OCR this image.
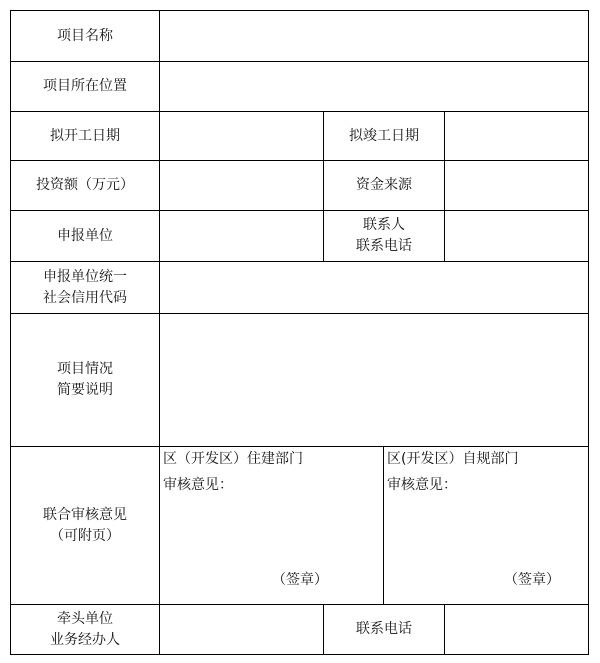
项目名称
项目所在位置
拟开工日期	拟竣工日期
投资额（万元）	资金来源
申报单位
联系人
联系电话
申报单位统一
社会信用代码
项目情况
简要说明
联合审核意见
（可附页）
区（开发区）住建部门
审核意见：
（签章）
区(开发区）自规部门
审核意见：
（签章）
牵头单位
业务经办人
联系电话
